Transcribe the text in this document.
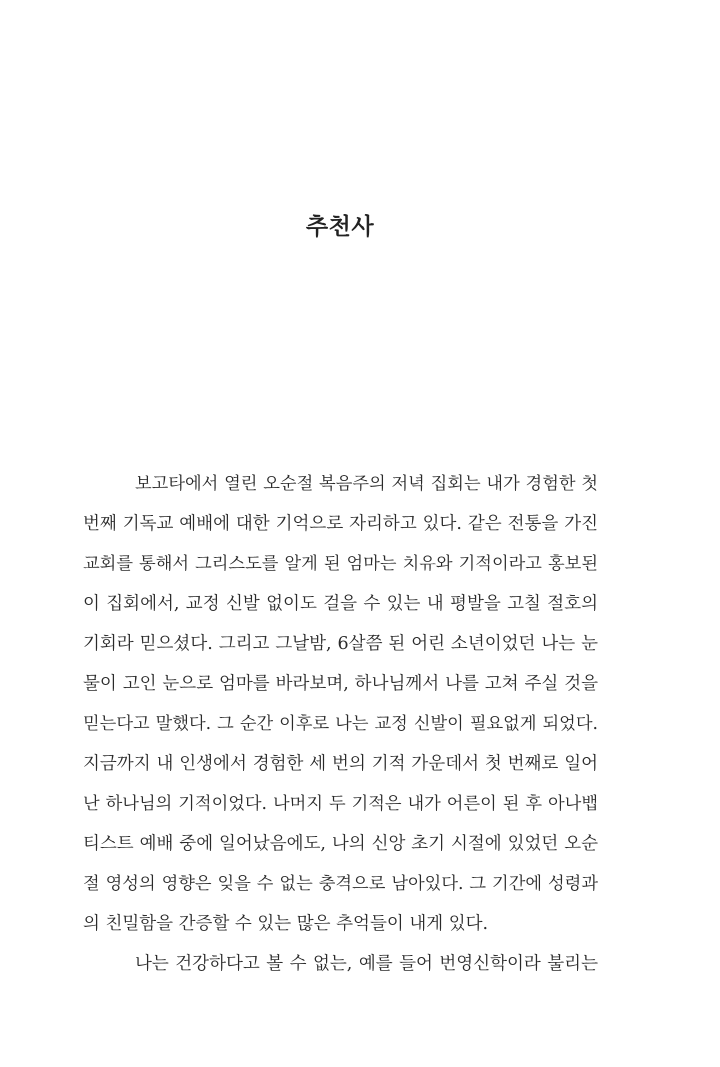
추천사
보고타에서 열린 오순절 복음주의 저녁 집회는 내가 경험한 첫
번째 기독교 예배에 대한 기억으로 자리하고 있다. 같은 전통을 가진
교회를 통해서 그리스도를 알게 된 엄마는 치유와 기적이라고 홍보된
이 집회에서, 교정 신발 없이도 걸을 수 있는 내 평발을 고칠 절호의
기회라 믿으셨다. 그리고 그날밤, 6살쯤 된 어린 소년이었던 나는 눈
물이 고인 눈으로 엄마를 바라보며, 하나님께서 나를 고쳐 주실 것을
믿는다고 말했다. 그 순간 이후로 나는 교정 신발이 필요없게 되었다.
지금까지 내 인생에서 경험한 세 번의 기적 가운데서 첫 번째로 일어
난 하나님의 기적이었다. 나머지 두 기적은 내가 어른이 된 후 아나뱁
티스트 예배 중에 일어났음에도, 나의 신앙 초기 시절에 있었던 오순
절 영성의 영향은 잊을 수 없는 충격으로 남아있다. 그 기간에 성령과
의 친밀함을 간증할 수 있는 많은 추억들이 내게 있다.
나는 건강하다고 볼 수 없는, 예를 들어 번영신학이라 불리는
